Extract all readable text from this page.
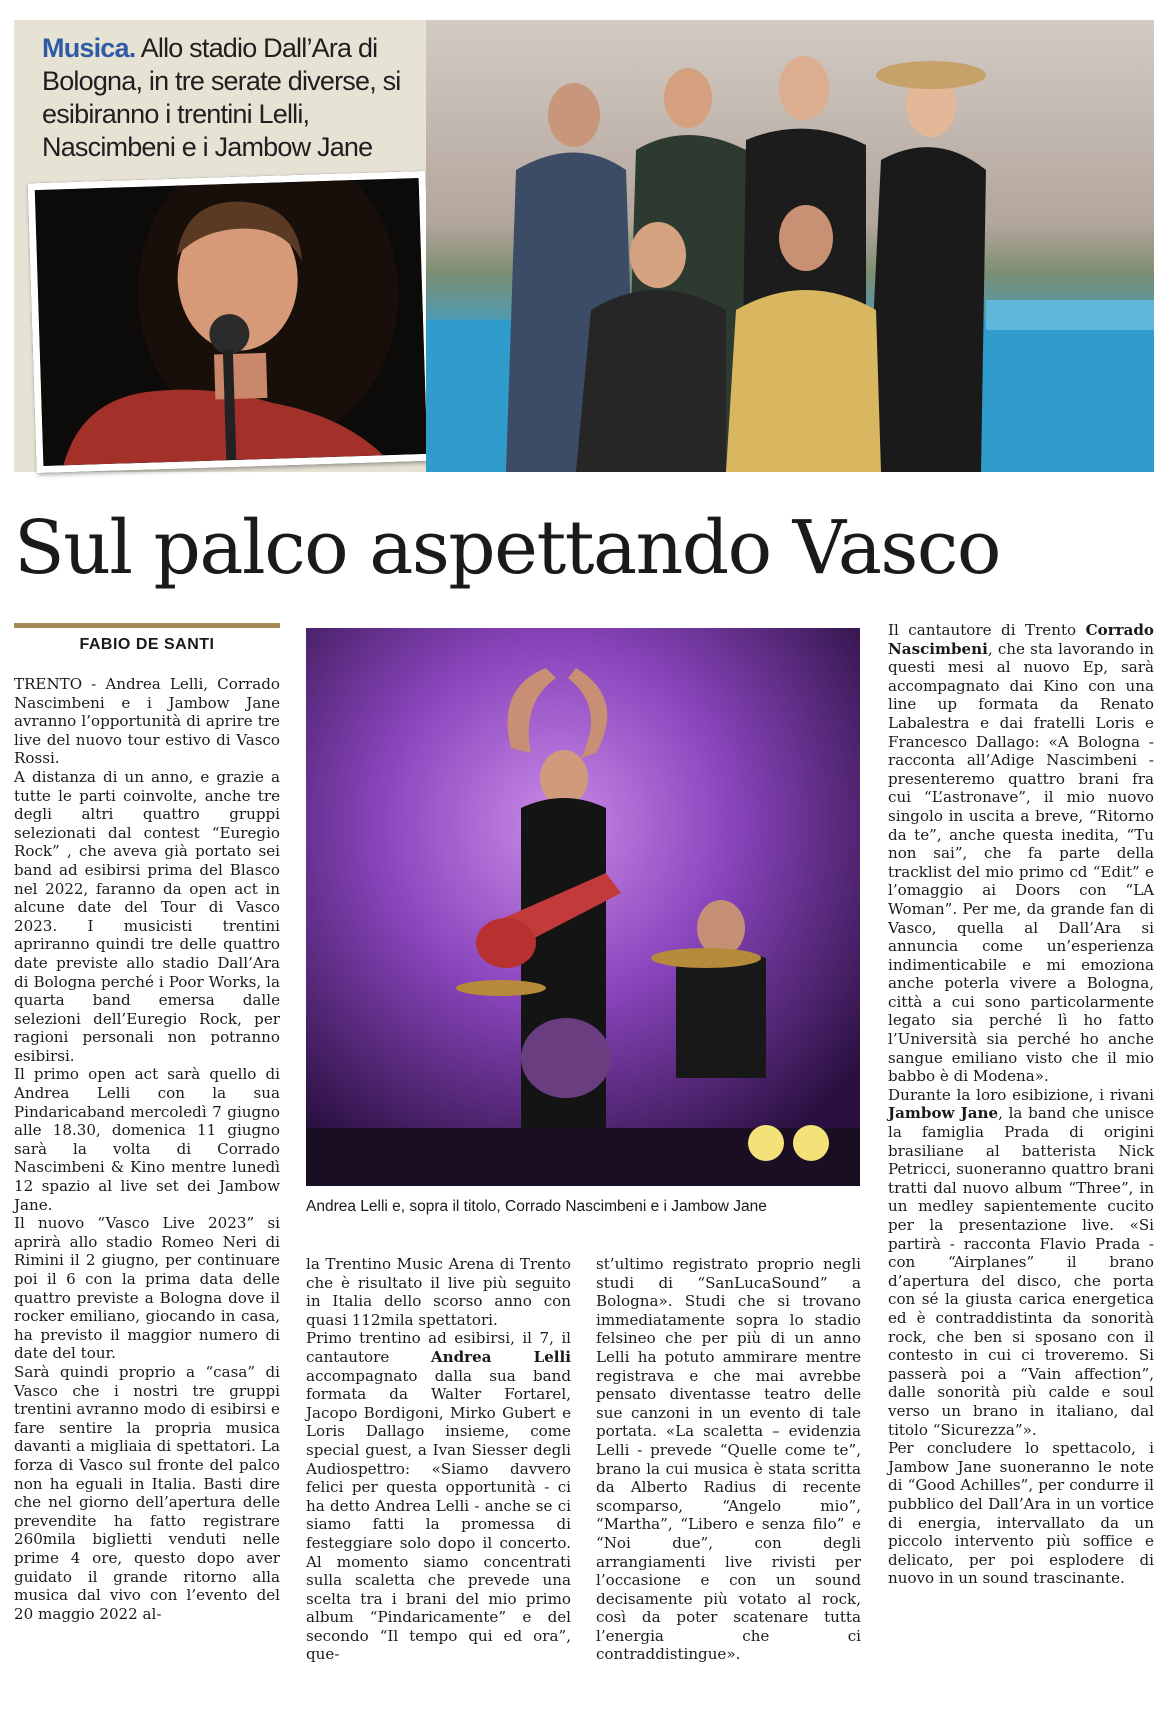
Musica. Allo stadio Dall’Ara di Bologna, in tre serate diverse, si esibiranno i trentini Lelli, Nascimbeni e i Jambow Jane
Sul palco aspettando Vasco
FABIO DE SANTI
Andrea Lelli e, sopra il titolo, Corrado Nascimbeni e i Jambow Jane

TRENTO - Andrea Lelli, Corrado Nascimbeni e i Jambow Jane avranno l’opportunità di aprire tre live del nuovo tour estivo di Vasco Rossi.

A distanza di un anno, e grazie a tutte le parti coinvolte, anche tre degli altri quattro gruppi selezionati dal contest “Euregio Rock” , che aveva già portato sei band ad esibirsi prima del Blasco nel 2022, faranno da open act in alcune date del Tour di Vasco 2023. I musicisti trentini apriranno quindi tre delle quattro date previste allo stadio Dall’Ara di Bologna perché i Poor Works, la quarta band emersa dalle selezioni dell’Euregio Rock, per ragioni personali non potranno esibirsi.

Il primo open act sarà quello di Andrea Lelli con la sua Pindaricaband mercoledì 7 giugno alle 18.30, domenica 11 giugno sarà la volta di Corrado Nascimbeni & Kino mentre lunedì 12 spazio al live set dei Jambow Jane.

Il nuovo “Vasco Live 2023” si aprirà allo stadio Romeo Neri di Rimini il 2 giugno, per continuare poi il 6 con la prima data delle quattro previste a Bologna dove il rocker emiliano, giocando in casa, ha previsto il maggior numero di date del tour.

Sarà quindi proprio a “casa” di Vasco che i nostri tre gruppi trentini avranno modo di esibirsi e fare sentire la propria musica davanti a migliaia di spettatori. La forza di Vasco sul fronte del palco non ha eguali in Italia. Basti dire che nel giorno dell’apertura delle prevendite ha fatto registrare 260mila biglietti venduti nelle prime 4 ore, questo dopo aver guidato il grande ritorno alla musica dal vivo con l’evento del 20 maggio 2022 al-

la Trentino Music Arena di Trento che è risultato il live più seguito in Italia dello scorso anno con quasi 112mila spettatori.

Primo trentino ad esibirsi, il 7, il cantautore Andrea Lelli accompagnato dalla sua band formata da Walter Fortarel, Jacopo Bordigoni, Mirko Gubert e Loris Dallago insieme, come special guest, a Ivan Siesser degli Audiospettro: «Siamo davvero felici per questa opportunità - ci ha detto Andrea Lelli - anche se ci siamo fatti la promessa di festeggiare solo dopo il concerto. Al momento siamo concentrati sulla scaletta che prevede una scelta tra i brani del mio primo album “Pindaricamente” e del secondo “Il tempo qui ed ora”, que-

st’ultimo registrato proprio negli studi di “SanLucaSound” a Bologna». Studi che si trovano immediatamente sopra lo stadio felsineo che per più di un anno Lelli ha potuto ammirare mentre registrava e che mai avrebbe pensato diventasse teatro delle sue canzoni in un evento di tale portata. «La scaletta – evidenzia Lelli - prevede “Quelle come te”, brano la cui musica è stata scritta da Alberto Radius di recente scomparso, “Angelo mio”, “Martha”, “Libero e senza filo” e “Noi due”, con degli arrangiamenti live rivisti per l’occasione e con un sound decisamente più votato al rock, così da poter scatenare tutta l’energia che ci contraddistingue».

Il cantautore di Trento Corrado Nascimbeni, che sta lavorando in questi mesi al nuovo Ep, sarà accompagnato dai Kino con una line up formata da Renato Labalestra e dai fratelli Loris e Francesco Dallago: «A Bologna - racconta all’Adige Nascimbeni - presenteremo quattro brani fra cui “L’astronave”, il mio nuovo singolo in uscita a breve, “Ritorno da te”, anche questa inedita, “Tu non sai”, che fa parte della tracklist del mio primo cd “Edit” e l’omaggio ai Doors con “LA Woman”. Per me, da grande fan di Vasco, quella al Dall’Ara si annuncia come un’esperienza indimenticabile e mi emoziona anche poterla vivere a Bologna, città a cui sono particolarmente legato sia perché lì ho fatto l’Università sia perché ho anche sangue emiliano visto che il mio babbo è di Modena».

Durante la loro esibizione, i rivani Jambow Jane, la band che unisce la famiglia Prada di origini brasiliane al batterista Nick Petricci, suoneranno quattro brani tratti dal nuovo album “Three”, in un medley sapientemente cucito per la presentazione live. «Si partirà - racconta Flavio Prada - con “Airplanes” il brano d’apertura del disco, che porta con sé la giusta carica energetica ed è contraddistinta da sonorità rock, che ben si sposano con il contesto in cui ci troveremo. Si passerà poi a “Vain affection”, dalle sonorità più calde e soul verso un brano in italiano, dal titolo “Sicurezza”».

Per concludere lo spettacolo, i Jambow Jane suoneranno le note di “Good Achilles”, per condurre il pubblico del Dall’Ara in un vortice di energia, intervallato da un piccolo intervento più soffice e delicato, per poi esplodere di nuovo in un sound trascinante.
